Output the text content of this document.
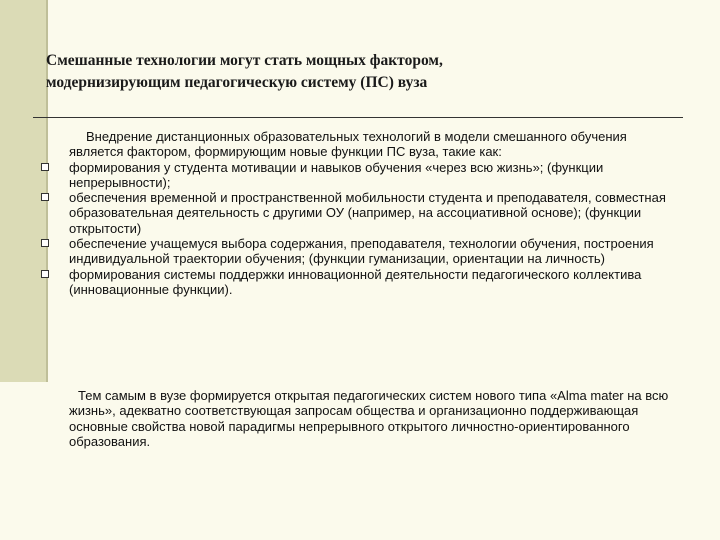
Смешанные технологии могут стать мощных фактором,
модернизирующим педагогическую систему (ПС) вуза

Внедрение дистанционных образовательных технологий в модели смешанного обучения является фактором, формирующим новые функции ПС вуза, такие как:

формирования у студента мотивации и навыков обучения «через всю жизнь»; (функции непрерывности);
обеспечения временной и пространственной мобильности студента и преподавателя, совместная образовательная деятельность с другими ОУ (например, на ассоциативной основе); (функции открытости)
обеспечение учащемуся выбора содержания, преподавателя, технологии обучения, построения индивидуальной траектории обучения; (функции гуманизации, ориентации на личность)
формирования системы поддержки инновационной деятельности педагогического коллектива (инновационные функции).

Тем самым в вузе формируется открытая педагогических систем нового типа «Alma mater на всю жизнь», адекватно соответствующая запросам общества и организационно поддерживающая основные свойства новой парадигмы непрерывного открытого личностно-ориентированного образования.
